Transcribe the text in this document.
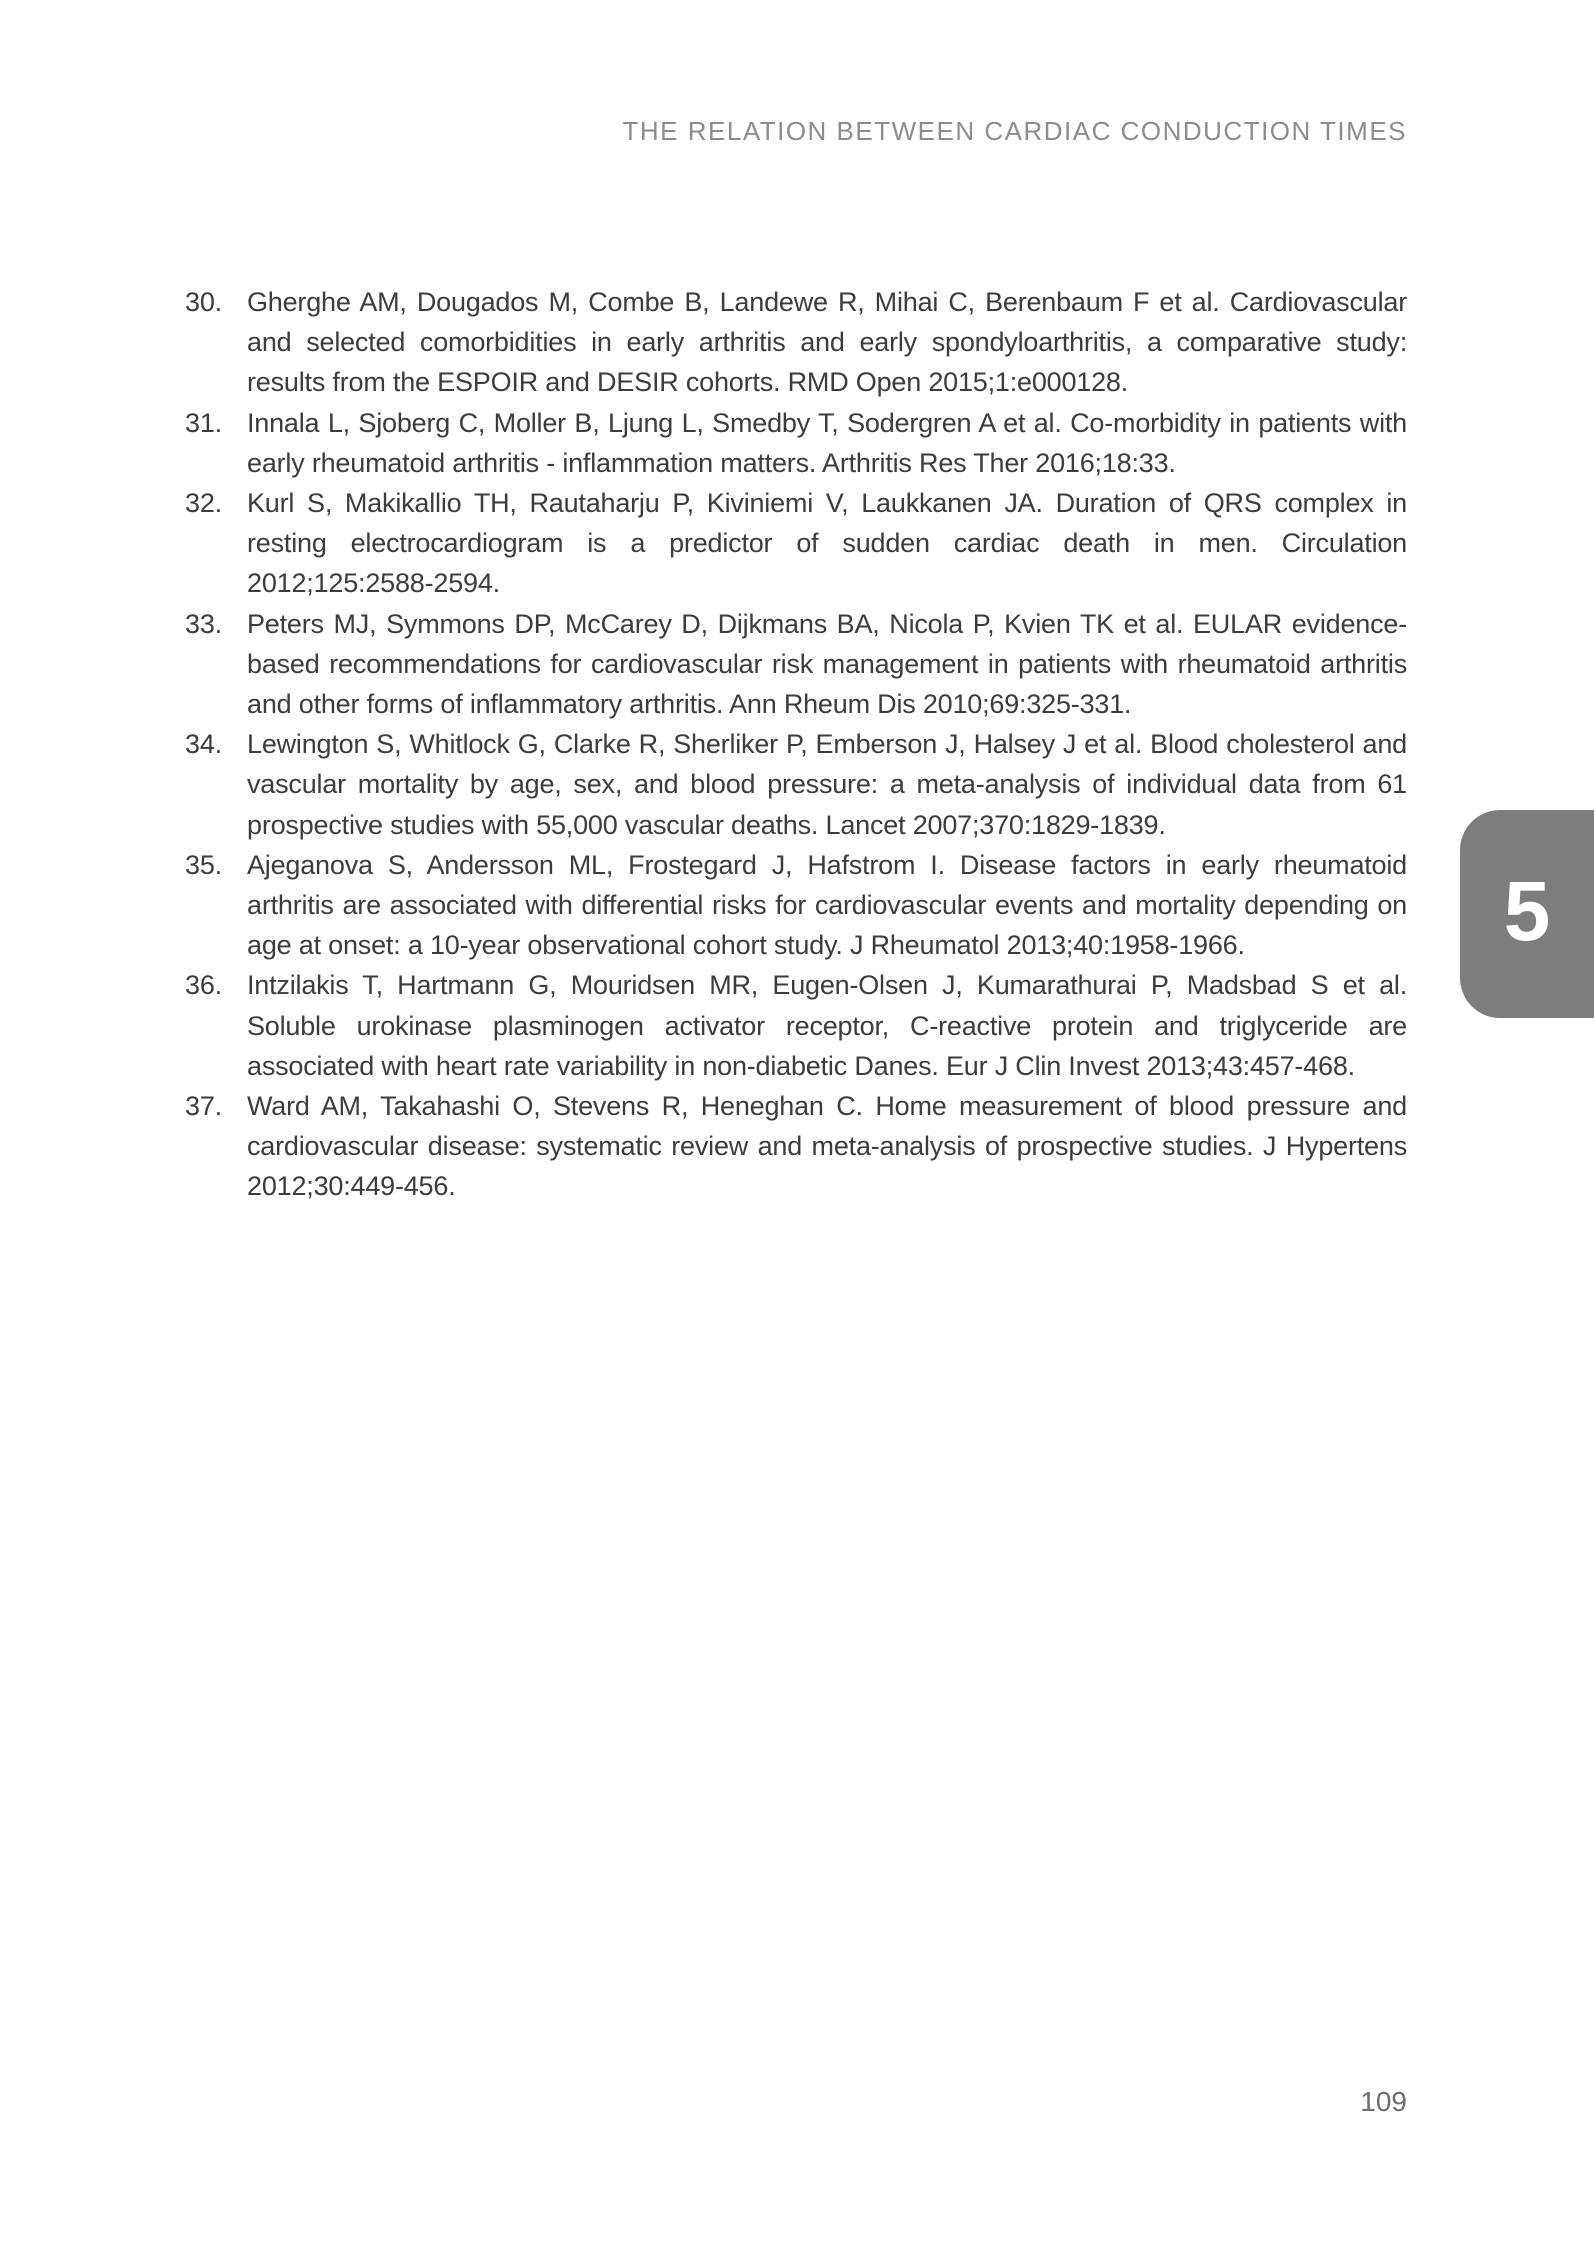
THE RELATION BETWEEN CARDIAC CONDUCTION TIMES
30. Gherghe AM, Dougados M, Combe B, Landewe R, Mihai C, Berenbaum F et al. Cardiovascular and selected comorbidities in early arthritis and early spondyloarthritis, a comparative study: results from the ESPOIR and DESIR cohorts. RMD Open 2015;1:e000128.
31. Innala L, Sjoberg C, Moller B, Ljung L, Smedby T, Sodergren A et al. Co-morbidity in patients with early rheumatoid arthritis - inflammation matters. Arthritis Res Ther 2016;18:33.
32. Kurl S, Makikallio TH, Rautaharju P, Kiviniemi V, Laukkanen JA. Duration of QRS complex in resting electrocardiogram is a predictor of sudden cardiac death in men. Circulation 2012;125:2588-2594.
33. Peters MJ, Symmons DP, McCarey D, Dijkmans BA, Nicola P, Kvien TK et al. EULAR evidence-based recommendations for cardiovascular risk management in patients with rheumatoid arthritis and other forms of inflammatory arthritis. Ann Rheum Dis 2010;69:325-331.
34. Lewington S, Whitlock G, Clarke R, Sherliker P, Emberson J, Halsey J et al. Blood cholesterol and vascular mortality by age, sex, and blood pressure: a meta-analysis of individual data from 61 prospective studies with 55,000 vascular deaths. Lancet 2007;370:1829-1839.
35. Ajeganova S, Andersson ML, Frostegard J, Hafstrom I. Disease factors in early rheumatoid arthritis are associated with differential risks for cardiovascular events and mortality depending on age at onset: a 10-year observational cohort study. J Rheumatol 2013;40:1958-1966.
36. Intzilakis T, Hartmann G, Mouridsen MR, Eugen-Olsen J, Kumarathurai P, Madsbad S et al. Soluble urokinase plasminogen activator receptor, C-reactive protein and triglyceride are associated with heart rate variability in non-diabetic Danes. Eur J Clin Invest 2013;43:457-468.
37. Ward AM, Takahashi O, Stevens R, Heneghan C. Home measurement of blood pressure and cardiovascular disease: systematic review and meta-analysis of prospective studies. J Hypertens 2012;30:449-456.
5
109
